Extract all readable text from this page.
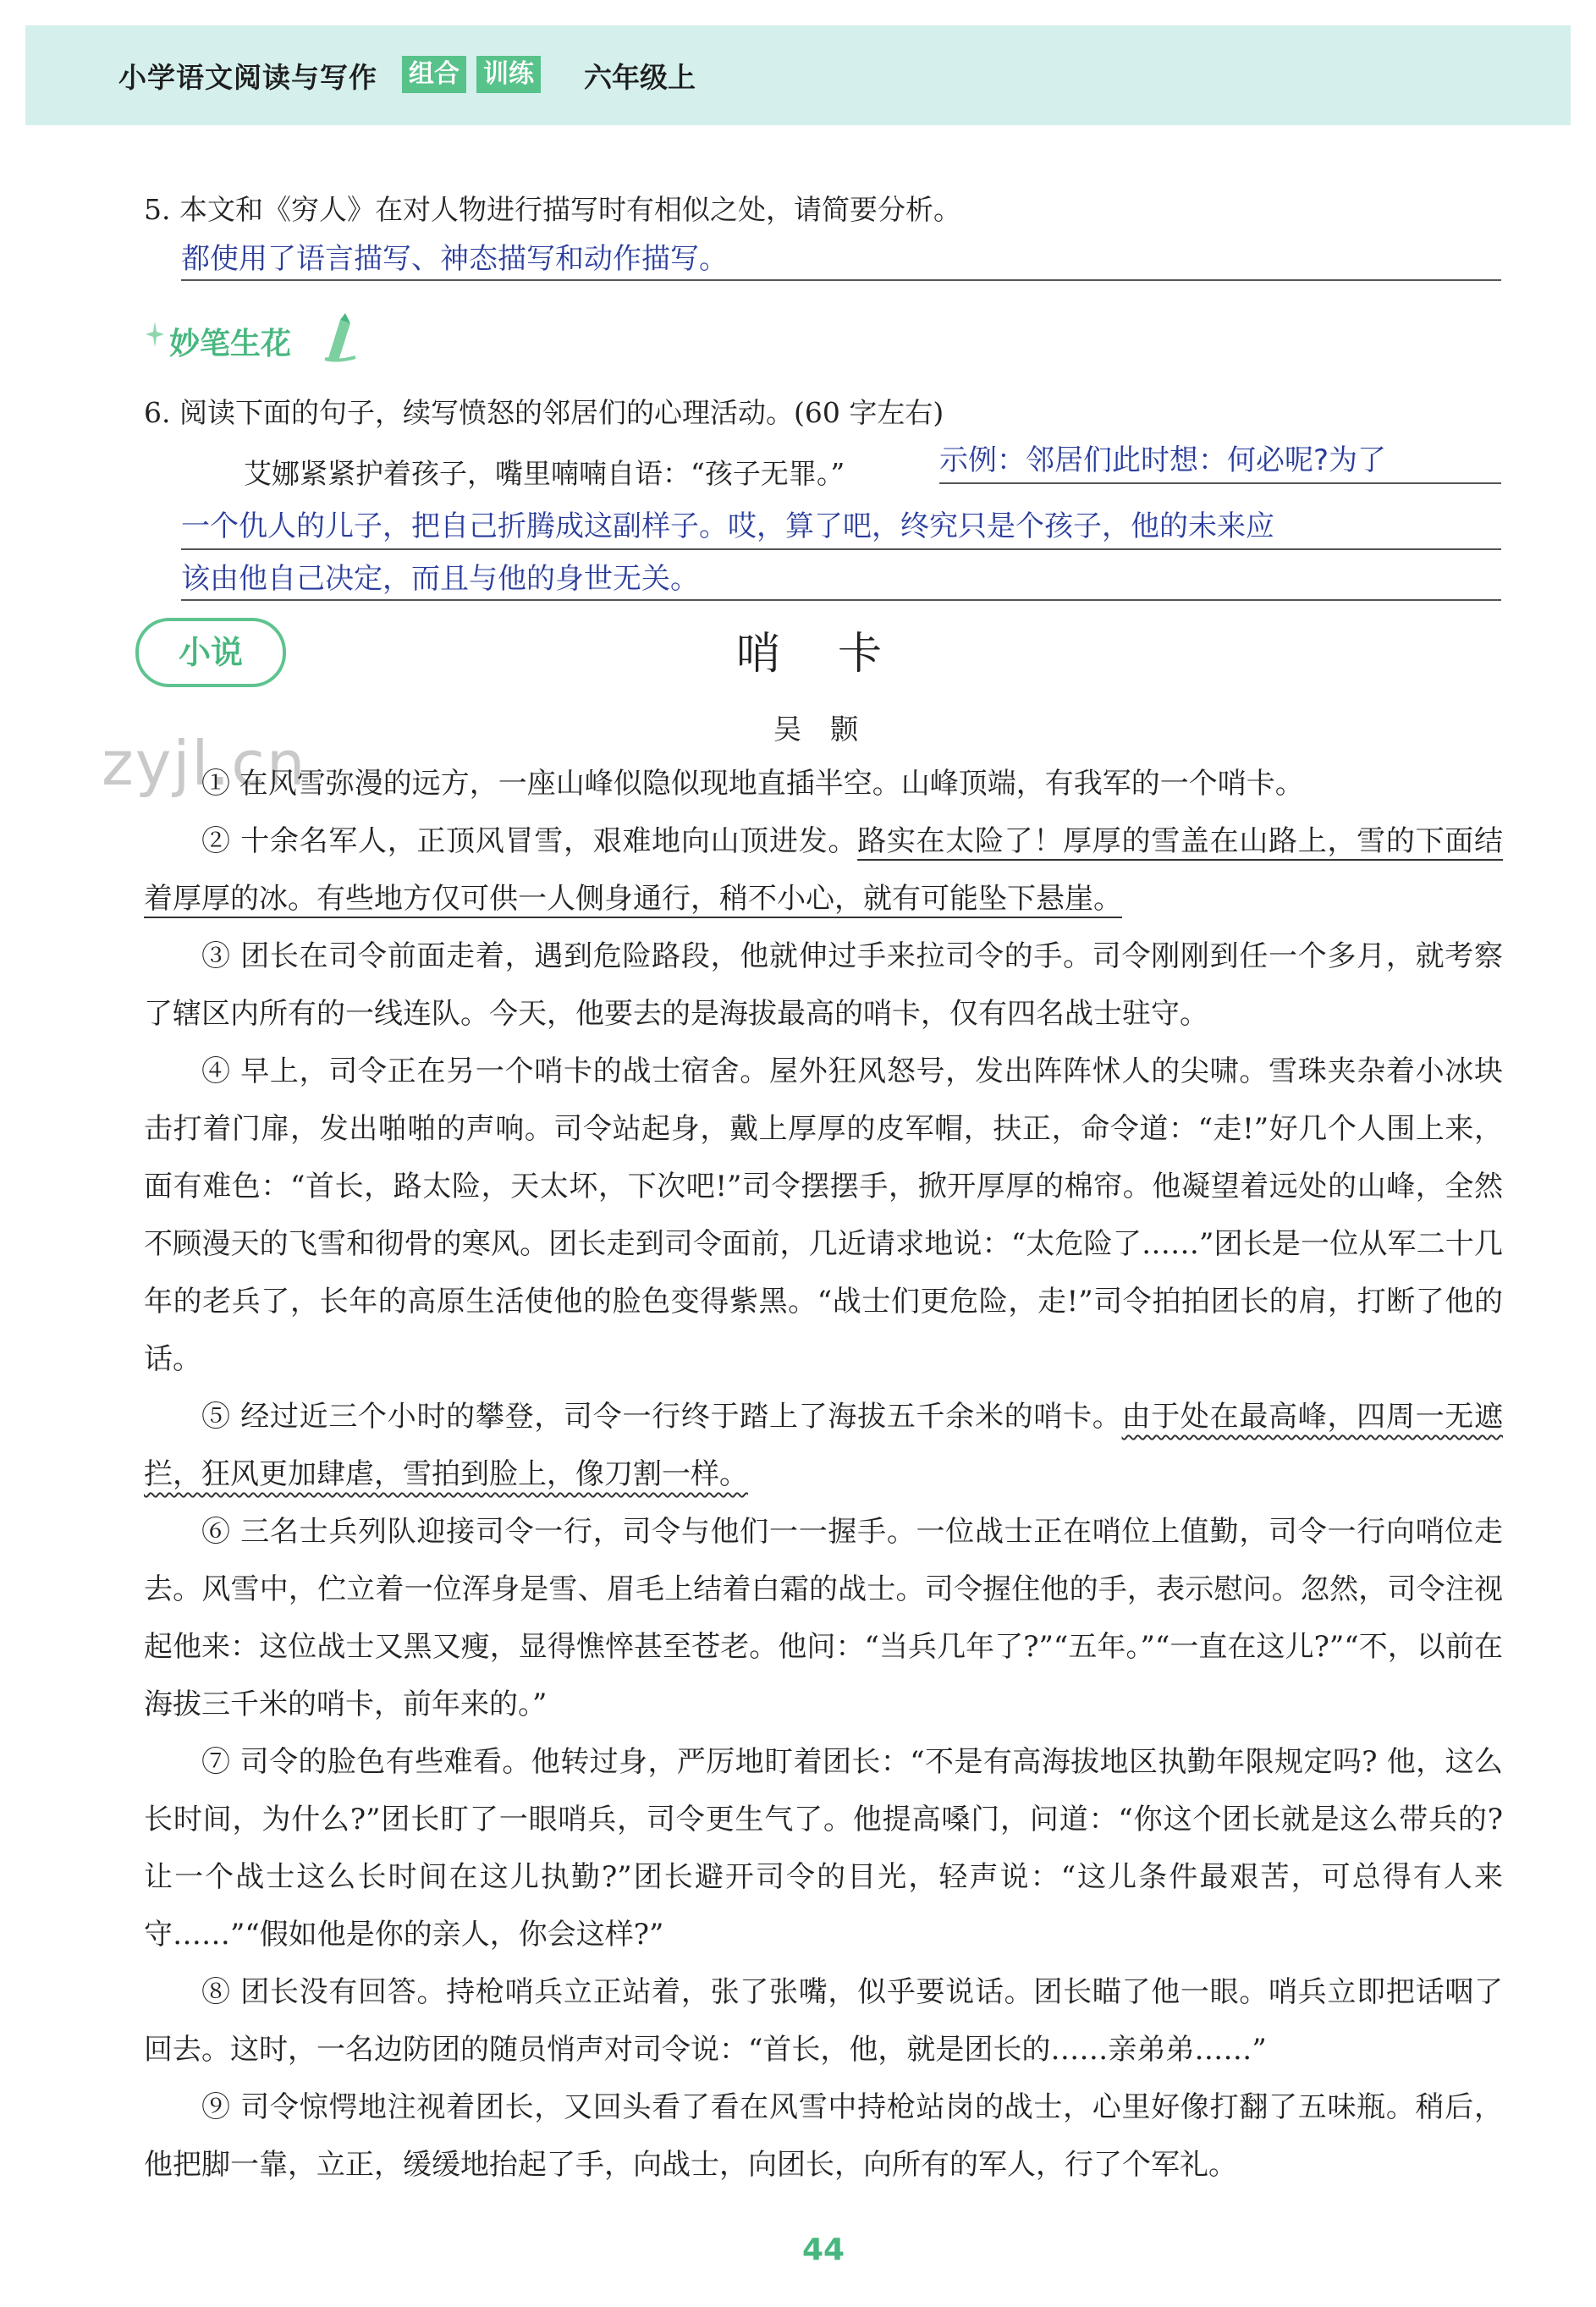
小学语文阅读与写作 组合 训练 六年级上
5. 本文和《穷人》在对人物进行描写时有相似之处，请简要分析。
都使用了语言描写、神态描写和动作描写。
妙笔生花
6. 阅读下面的句子，续写愤怒的邻居们的心理活动。(60 字左右)
艾娜紧紧护着孩子，嘴里喃喃自语：“孩子无罪。”	示例：邻居们此时想：何必呢?为了
一个仇人的儿子，把自己折腾成这副样子。哎，算了吧，终究只是个孩子，他的未来应
该由他自己决定，而且与他的身世无关。
小说	哨卡
吴颢
zyjl.cn
① 在风雪弥漫的远方，一座山峰似隐似现地直插半空。山峰顶端，有我军的一个哨卡。
② 十余名军人，正顶风冒雪，艰难地向山顶进发。路实在太险了！厚厚的雪盖在山路上，雪的下面结着厚厚的冰。有些地方仅可供一人侧身通行，稍不小心，就有可能坠下悬崖。
③ 团长在司令前面走着，遇到危险路段，他就伸过手来拉司令的手。司令刚刚到任一个多月，就考察了辖区内所有的一线连队。今天，他要去的是海拔最高的哨卡，仅有四名战士驻守。
④ 早上，司令正在另一个哨卡的战士宿舍。屋外狂风怒号，发出阵阵怵人的尖啸。雪珠夹杂着小冰块击打着门扉，发出啪啪的声响。司令站起身，戴上厚厚的皮军帽，扶正，命令道：“走!”好几个人围上来，面有难色：“首长，路太险，天太坏，下次吧!”司令摆摆手，掀开厚厚的棉帘。他凝望着远处的山峰，全然不顾漫天的飞雪和彻骨的寒风。团长走到司令面前，几近请求地说：“太危险了……”团长是一位从军二十几年的老兵了，长年的高原生活使他的脸色变得紫黑。“战士们更危险，走!”司令拍拍团长的肩，打断了他的话。
⑤ 经过近三个小时的攀登，司令一行终于踏上了海拔五千余米的哨卡。由于处在最高峰，四周一无遮拦，狂风更加肆虐，雪拍到脸上，像刀割一样。
⑥ 三名士兵列队迎接司令一行，司令与他们一一握手。一位战士正在哨位上值勤，司令一行向哨位走去。风雪中，伫立着一位浑身是雪、眉毛上结着白霜的战士。司令握住他的手，表示慰问。忽然，司令注视起他来：这位战士又黑又瘦，显得憔悴甚至苍老。他问：“当兵几年了?”“五年。”“一直在这儿?”“不，以前在海拔三千米的哨卡，前年来的。”
⑦ 司令的脸色有些难看。他转过身，严厉地盯着团长：“不是有高海拔地区执勤年限规定吗? 他，这么长时间，为什么?”团长盯了一眼哨兵，司令更生气了。他提高嗓门，问道：“你这个团长就是这么带兵的? 让一个战士这么长时间在这儿执勤?”团长避开司令的目光，轻声说：“这儿条件最艰苦，可总得有人来守……”“假如他是你的亲人，你会这样?”
⑧ 团长没有回答。持枪哨兵立正站着，张了张嘴，似乎要说话。团长瞄了他一眼。哨兵立即把话咽了回去。这时，一名边防团的随员悄声对司令说：“首长，他，就是团长的……亲弟弟……”
⑨ 司令惊愕地注视着团长，又回头看了看在风雪中持枪站岗的战士，心里好像打翻了五味瓶。稍后，他把脚一靠，立正，缓缓地抬起了手，向战士，向团长，向所有的军人，行了个军礼。
44
